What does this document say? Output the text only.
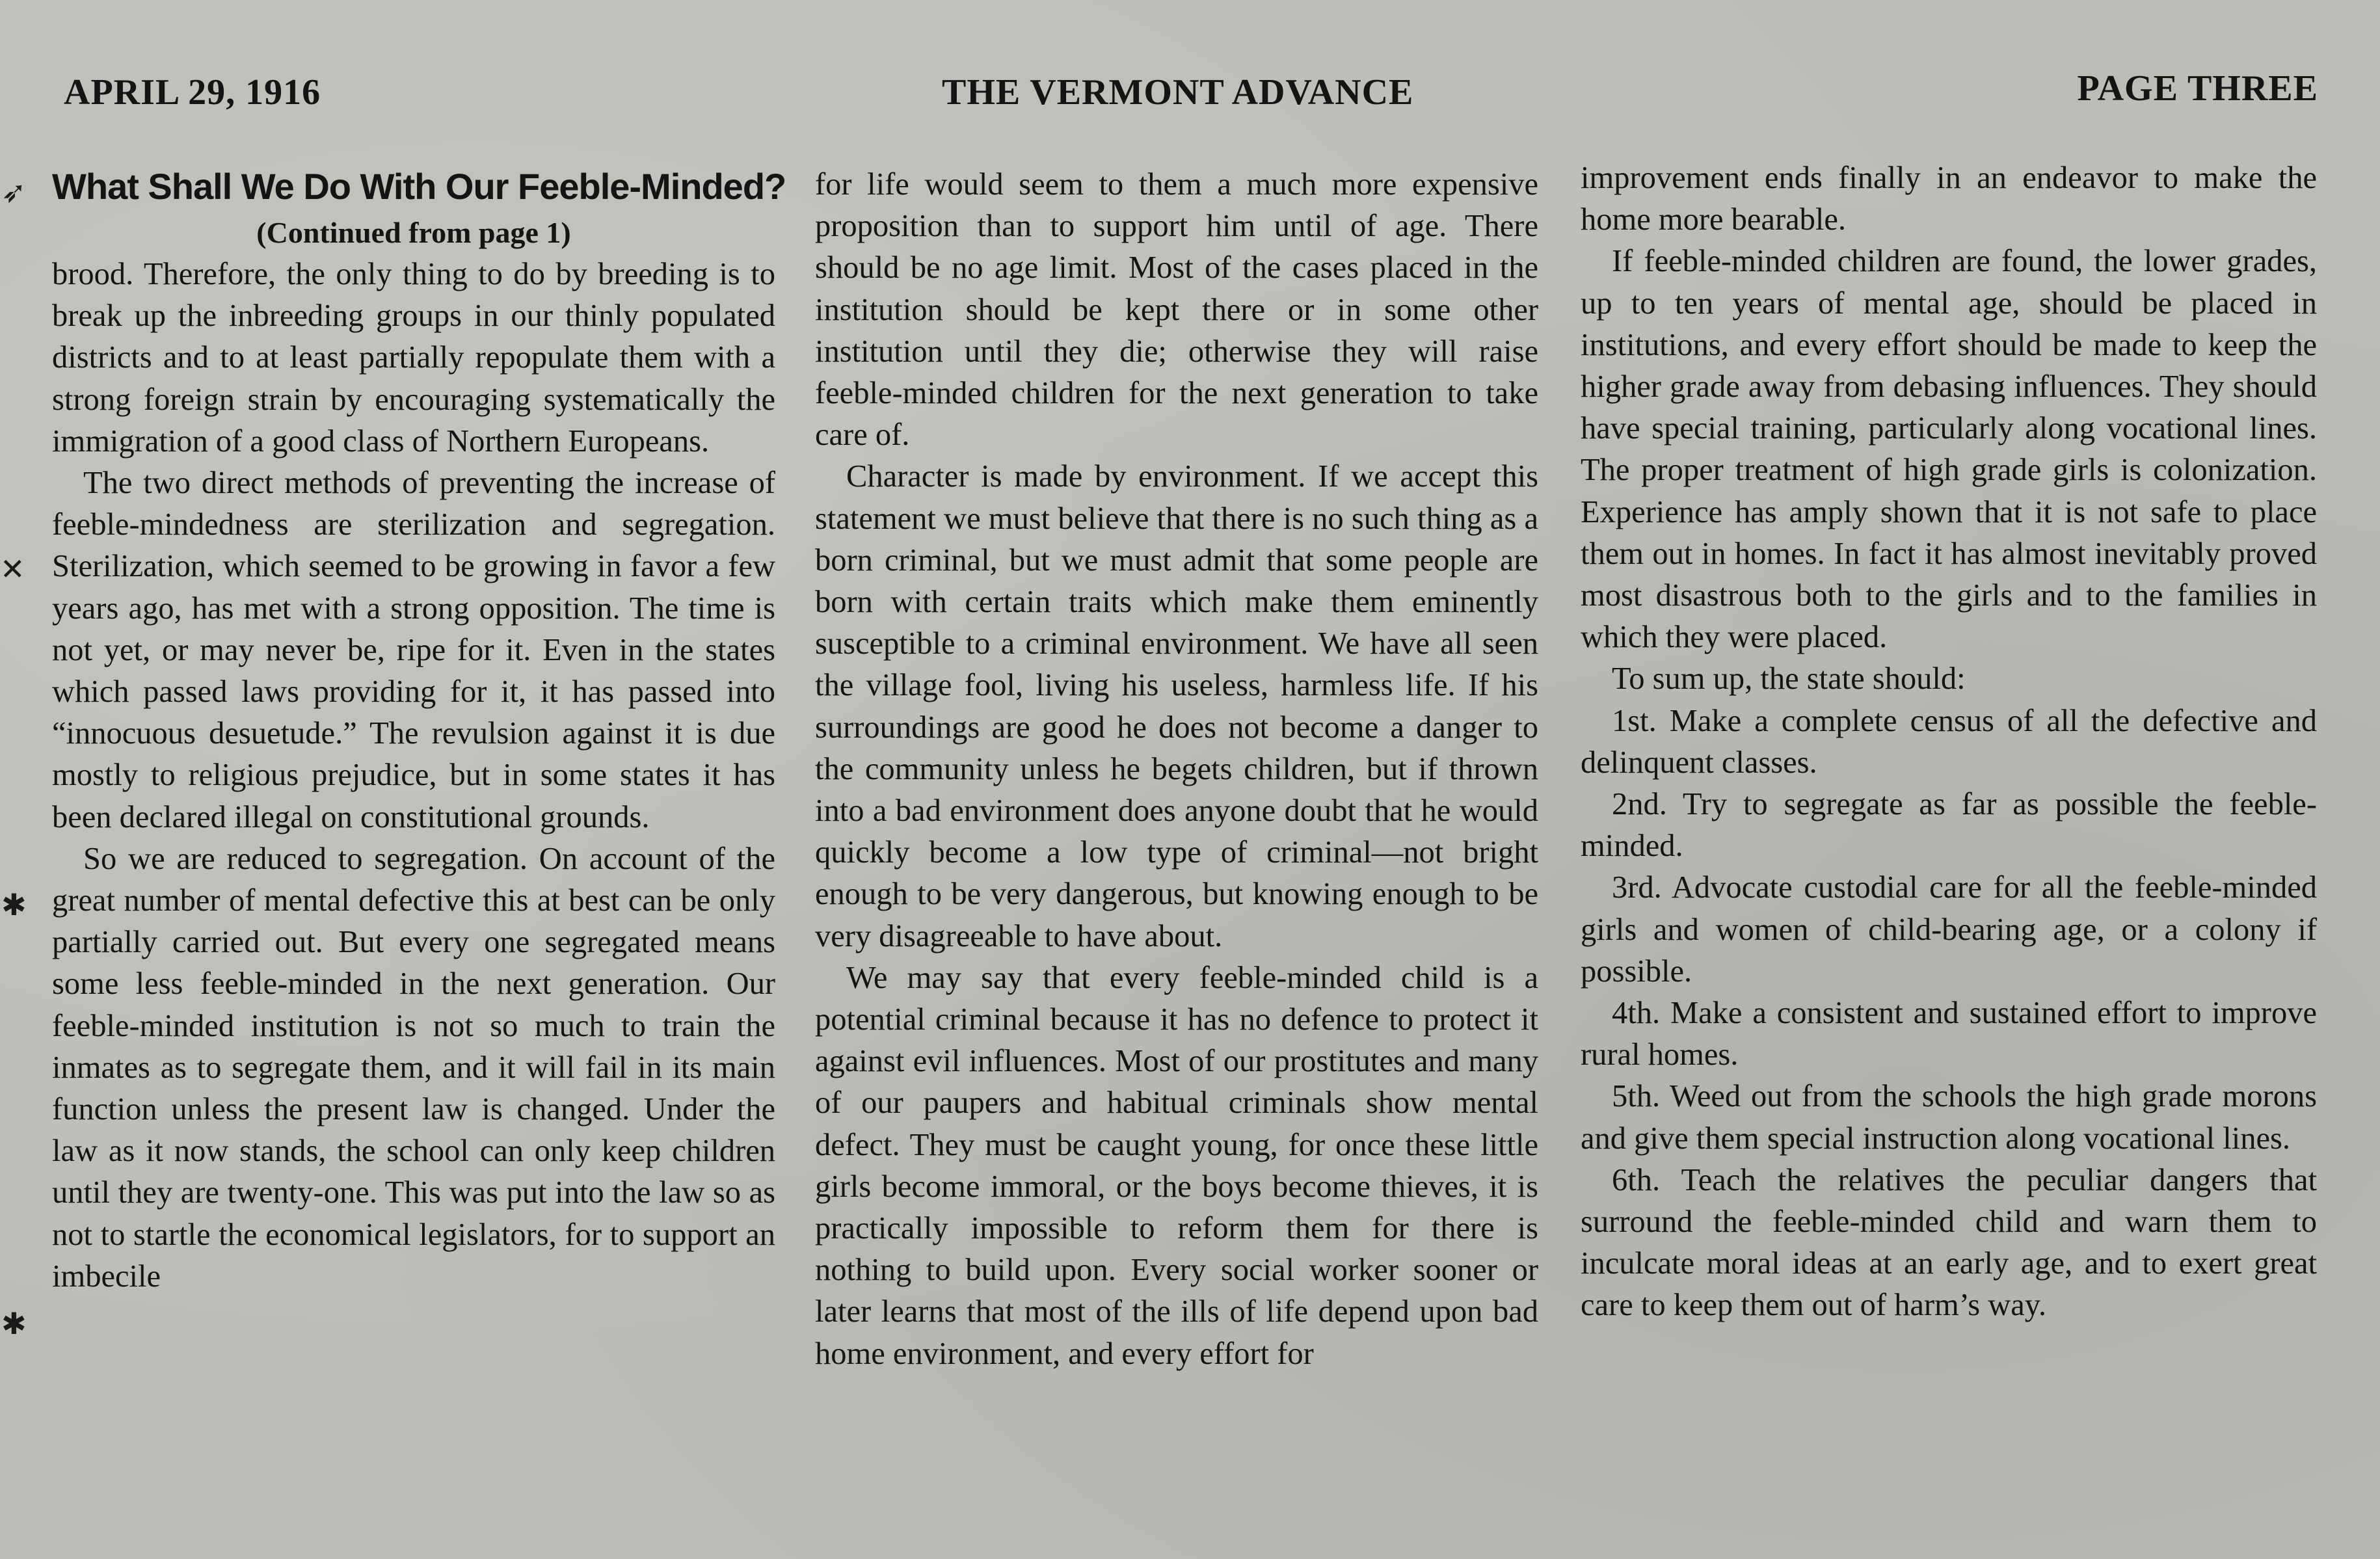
APRIL 29, 1916	THE VERMONT ADVANCE	PAGE THREE
➶
✕
✱
✱
What Shall We Do With Our Feeble-Minded?
(Continued from page 1)

brood. Therefore, the only thing to do by breeding is to break up the inbreeding groups in our thinly populated districts and to at least partially repopulate them with a strong foreign strain by encouraging systematically the immigration of a good class of Northern Europeans.

The two direct methods of preventing the increase of feeble-mindedness are sterilization and segregation. Sterilization, which seemed to be growing in favor a few years ago, has met with a strong opposition. The time is not yet, or may never be, ripe for it. Even in the states which passed laws providing for it, it has passed into “innocuous desuetude.” The revulsion against it is due mostly to religious prejudice, but in some states it has been declared illegal on constitutional grounds.

So we are reduced to segregation. On account of the great number of mental defective this at best can be only partially carried out. But every one segregated means some less feeble-minded in the next generation. Our feeble-minded institution is not so much to train the inmates as to segregate them, and it will fail in its main function unless the present law is changed. Under the law as it now stands, the school can only keep children until they are twenty-one. This was put into the law so as not to startle the economical legislators, for to support an imbecile

for life would seem to them a much more expensive proposition than to support him until of age. There should be no age limit. Most of the cases placed in the institution should be kept there or in some other institution until they die; otherwise they will raise feeble-minded children for the next generation to take care of.

Character is made by environment. If we accept this statement we must believe that there is no such thing as a born criminal, but we must admit that some people are born with certain traits which make them eminently susceptible to a criminal environment. We have all seen the village fool, living his useless, harmless life. If his surroundings are good he does not become a danger to the community unless he begets children, but if thrown into a bad environment does anyone doubt that he would quickly become a low type of criminal—not bright enough to be very dangerous, but knowing enough to be very disagreeable to have about.

We may say that every feeble-minded child is a potential criminal because it has no defence to protect it against evil influences. Most of our prostitutes and many of our paupers and habitual criminals show mental defect. They must be caught young, for once these little girls become immoral, or the boys become thieves, it is practically impossible to reform them for there is nothing to build upon. Every social worker sooner or later learns that most of the ills of life depend upon bad home environment, and every effort for

improvement ends finally in an endeavor to make the home more bearable.

If feeble-minded children are found, the lower grades, up to ten years of mental age, should be placed in institutions, and every effort should be made to keep the higher grade away from debasing influences. They should have special training, particularly along vocational lines. The proper treatment of high grade girls is colonization. Experience has amply shown that it is not safe to place them out in homes. In fact it has almost inevitably proved most disastrous both to the girls and to the families in which they were placed.

To sum up, the state should:

1st. Make a complete census of all the defective and delinquent classes.

2nd. Try to segregate as far as possible the feeble-minded.

3rd. Advocate custodial care for all the feeble-minded girls and women of child-bearing age, or a colony if possible.

4th. Make a consistent and sustained effort to improve rural homes.

5th. Weed out from the schools the high grade morons and give them special instruction along vocational lines.

6th. Teach the relatives the peculiar dangers that surround the feeble-minded child and warn them to inculcate moral ideas at an early age, and to exert great care to keep them out of harm’s way.
